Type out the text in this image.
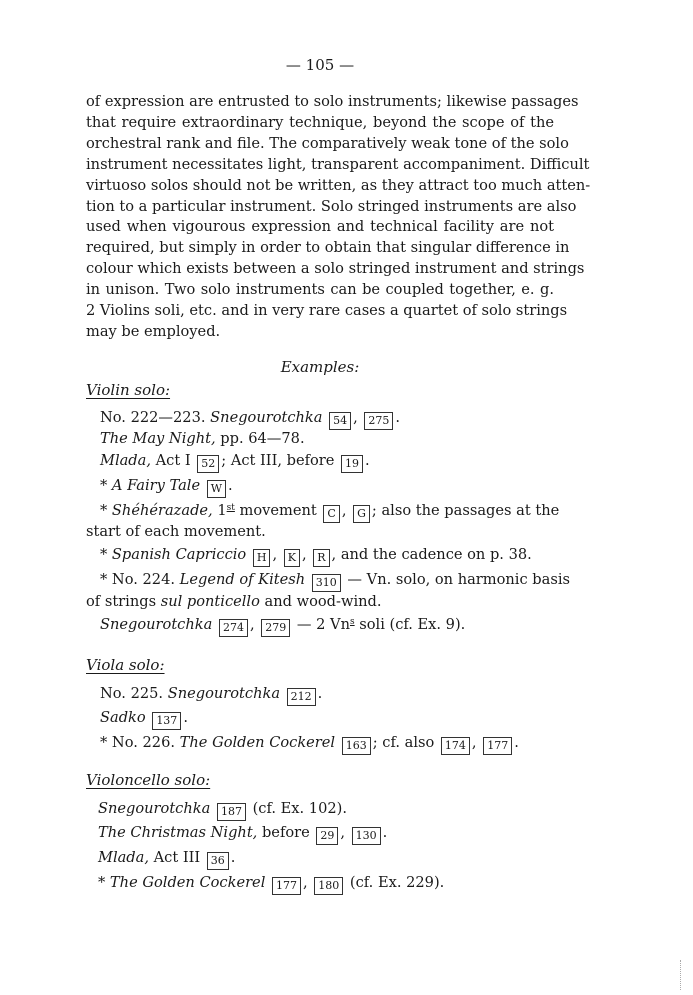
— 105 —
of expression are entrusted to solo instruments; likewise passages
that require extraordinary technique, beyond the scope of the
orchestral rank and file. The comparatively weak tone of the solo
instrument necessitates light, transparent accompaniment. Difficult
virtuoso solos should not be written, as they attract too much atten-
tion to a particular instrument. Solo stringed instruments are also
used when vigourous expression and technical facility are not
required, but simply in order to obtain that singular difference in
colour which exists between a solo stringed instrument and strings
in unison. Two solo instruments can be coupled together, e. g.
2 Violins soli, etc. and in very rare cases a quartet of solo strings
may be employed.
Examples:
Violin solo:
No. 222—223. Snegourotchka 54 , 275 .
The May Night, pp. 64—78.
Mlada, Act I 52 ; Act III, before 19 .
* A Fairy Tale W .
* Shéhérazade, 1st movement C , G ; also the passages at the
start of each movement.
* Spanish Capriccio H , K , R , and the cadence on p. 38.
* No. 224. Legend of Kitesh 310 — Vn. solo, on harmonic basis
of strings sul ponticello and wood-wind.
Snegourotchka 274 , 279 — 2 Vn$^s$ soli (cf. Ex. 9).
Viola solo:
No. 225. Snegourotchka 212 .
Sadko 137 .
* No. 226. The Golden Cockerel 163 ; cf. also 174 , 177 .
Violoncello solo:
Snegourotchka 187 (cf. Ex. 102).
The Christmas Night, before 29 , 130 .
Mlada, Act III 36 .
* The Golden Cockerel 177 , 180 (cf. Ex. 229).
